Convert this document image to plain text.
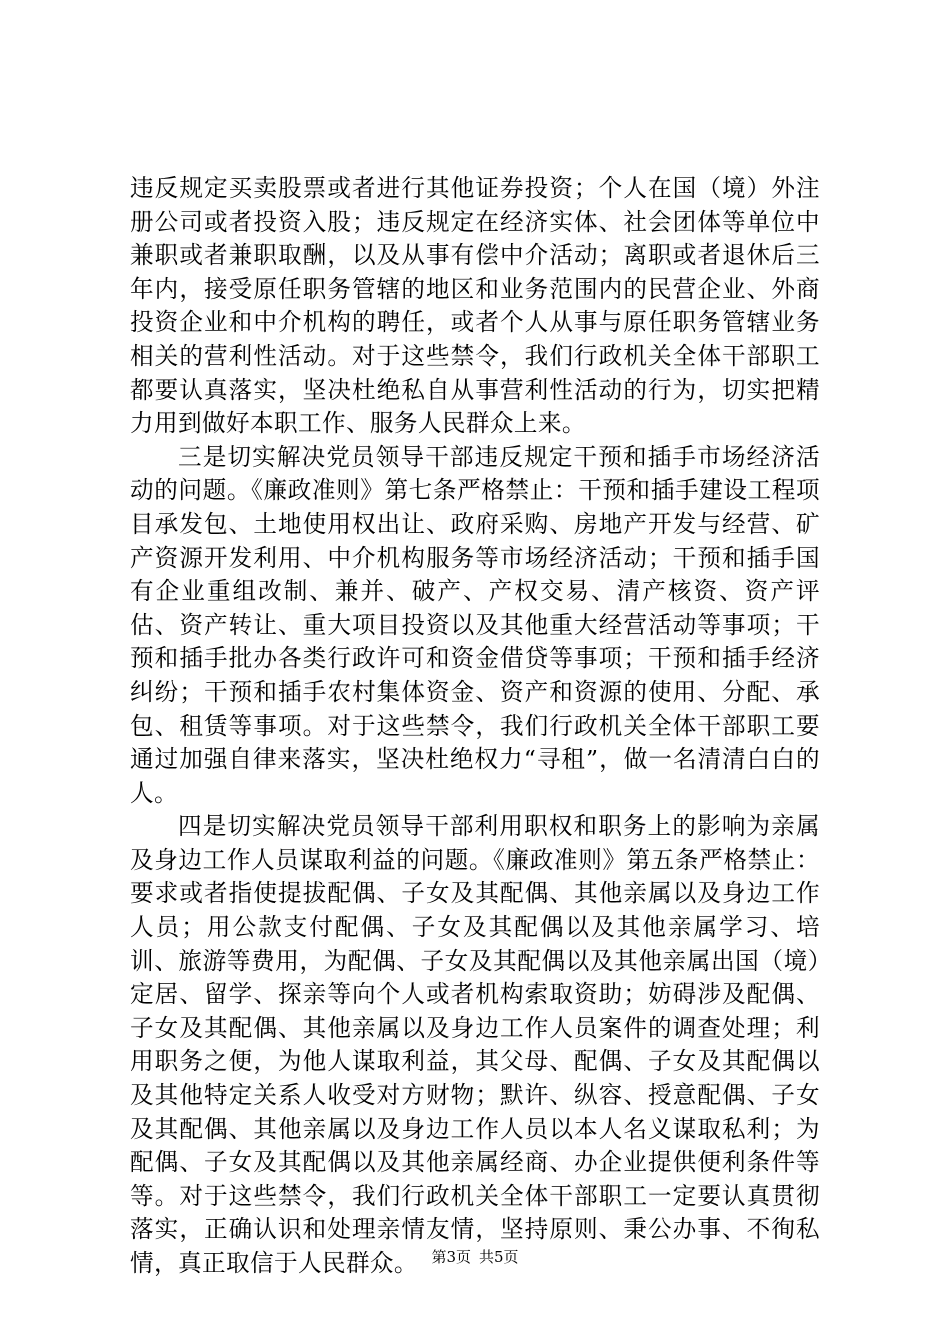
违反规定买卖股票或者进行其他证券投资；个人在国（境）外注册公司或者投资入股；违反规定在经济实体、社会团体等单位中兼职或者兼职取酬，以及从事有偿中介活动；离职或者退休后三年内，接受原任职务管辖的地区和业务范围内的民营企业、外商投资企业和中介机构的聘任，或者个人从事与原任职务管辖业务相关的营利性活动。对于这些禁令，我们行政机关全体干部职工都要认真落实，坚决杜绝私自从事营利性活动的行为，切实把精力用到做好本职工作、服务人民群众上来。

三是切实解决党员领导干部违反规定干预和插手市场经济活动的问题。《廉政准则》第七条严格禁止：干预和插手建设工程项目承发包、土地使用权出让、政府采购、房地产开发与经营、矿产资源开发利用、中介机构服务等市场经济活动；干预和插手国有企业重组改制、兼并、破产、产权交易、清产核资、资产评估、资产转让、重大项目投资以及其他重大经营活动等事项；干预和插手批办各类行政许可和资金借贷等事项；干预和插手经济纠纷；干预和插手农村集体资金、资产和资源的使用、分配、承包、租赁等事项。对于这些禁令，我们行政机关全体干部职工要通过加强自律来落实，坚决杜绝权力“寻租”，做一名清清白白的人。

四是切实解决党员领导干部利用职权和职务上的影响为亲属及身边工作人员谋取利益的问题。《廉政准则》第五条严格禁止：要求或者指使提拔配偶、子女及其配偶、其他亲属以及身边工作人员；用公款支付配偶、子女及其配偶以及其他亲属学习、培训、旅游等费用，为配偶、子女及其配偶以及其他亲属出国（境）定居、留学、探亲等向个人或者机构索取资助；妨碍涉及配偶、子女及其配偶、其他亲属以及身边工作人员案件的调查处理；利用职务之便，为他人谋取利益，其父母、配偶、子女及其配偶以及其他特定关系人收受对方财物；默许、纵容、授意配偶、子女及其配偶、其他亲属以及身边工作人员以本人名义谋取私利；为配偶、子女及其配偶以及其他亲属经商、办企业提供便利条件等等。对于这些禁令，我们行政机关全体干部职工一定要认真贯彻落实，正确认识和处理亲情友情，坚持原则、秉公办事、不徇私情，真正取信于人民群众。 第3页 共5页
